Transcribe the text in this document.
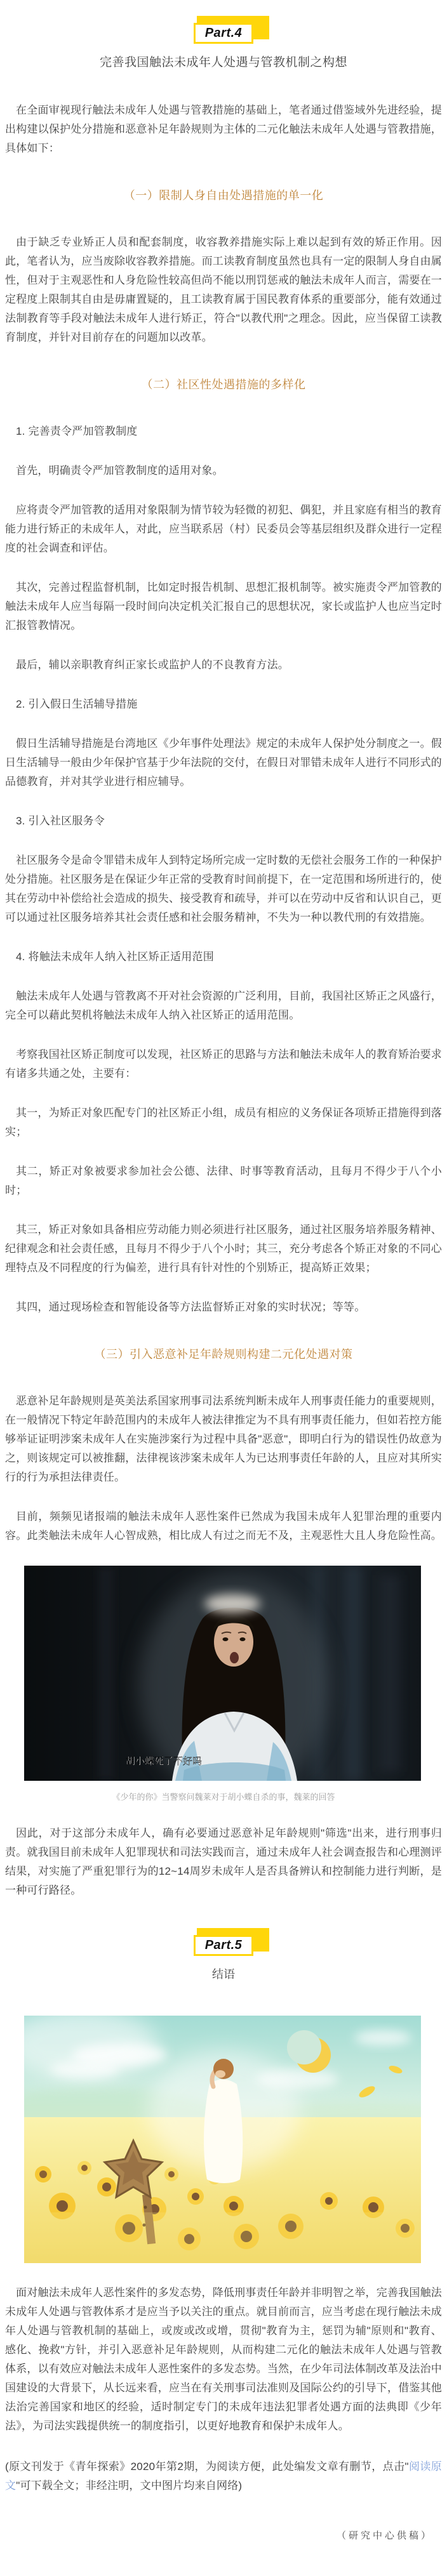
Part.4
完善我国触法未成年人处遇与管教机制之构想

在全面审视现行触法未成年人处遇与管教措施的基础上，笔者通过借鉴域外先进经验，提出构建以保护处分措施和恶意补足年龄规则为主体的二元化触法未成年人处遇与管教措施，具体如下：

（一）限制人身自由处遇措施的单一化

由于缺乏专业矫正人员和配套制度，收容教养措施实际上难以起到有效的矫正作用。因此，笔者认为，应当废除收容教养措施。而工读教育制度虽然也具有一定的限制人身自由属性，但对于主观恶性和人身危险性较高但尚不能以刑罚惩戒的触法未成年人而言，需要在一定程度上限制其自由是毋庸置疑的，且工读教育属于国民教育体系的重要部分，能有效通过法制教育等手段对触法未成年人进行矫正，符合"以教代刑"之理念。因此，应当保留工读教育制度，并针对目前存在的问题加以改革。

（二）社区性处遇措施的多样化

1. 完善责令严加管教制度

首先，明确责令严加管教制度的适用对象。

应将责令严加管教的适用对象限制为情节较为轻微的初犯、偶犯，并且家庭有相当的教育能力进行矫正的未成年人，对此，应当联系居（村）民委员会等基层组织及群众进行一定程度的社会调查和评估。

其次，完善过程监督机制，比如定时报告机制、思想汇报机制等。被实施责令严加管教的触法未成年人应当每隔一段时间向决定机关汇报自己的思想状况，家长或监护人也应当定时汇报管教情况。

最后，辅以亲职教育纠正家长或监护人的不良教育方法。

2. 引入假日生活辅导措施

假日生活辅导措施是台湾地区《少年事件处理法》规定的未成年人保护处分制度之一。假日生活辅导一般由少年保护官基于少年法院的交付，在假日对罪错未成年人进行不同形式的品德教育，并对其学业进行相应辅导。

3. 引入社区服务令

社区服务令是命令罪错未成年人到特定场所完成一定时数的无偿社会服务工作的一种保护处分措施。社区服务是在保证少年正常的受教育时间前提下，在一定范围和场所进行的，使其在劳动中补偿给社会造成的损失、接受教育和疏导，并可以在劳动中反省和认识自己，更可以通过社区服务培养其社会责任感和社会服务精神，不失为一种以教代刑的有效措施。

4. 将触法未成年人纳入社区矫正适用范围

触法未成年人处遇与管教离不开对社会资源的广泛利用，目前，我国社区矫正之风盛行，完全可以藉此契机将触法未成年人纳入社区矫正的适用范围。

考察我国社区矫正制度可以发现，社区矫正的思路与方法和触法未成年人的教育矫治要求有诸多共通之处，主要有：

其一，为矫正对象匹配专门的社区矫正小组，成员有相应的义务保证各项矫正措施得到落实；

其二，矫正对象被要求参加社会公德、法律、时事等教育活动，且每月不得少于八个小时；

其三，矫正对象如具备相应劳动能力则必须进行社区服务，通过社区服务培养服务精神、纪律观念和社会责任感，且每月不得少于八个小时；其三，充分考虑各个矫正对象的不同心理特点及不同程度的行为偏差，进行具有针对性的个别矫正，提高矫正效果；

其四，通过现场检查和智能设备等方法监督矫正对象的实时状况；等等。

（三）引入恶意补足年龄规则构建二元化处遇对策

恶意补足年龄规则是英美法系国家刑事司法系统判断未成年人刑事责任能力的重要规则，在一般情况下特定年龄范围内的未成年人被法律推定为不具有刑事责任能力，但如若控方能够举证证明涉案未成年人在实施涉案行为过程中具备"恶意"，即明白行为的错误性仍故意为之，则该规定可以被推翻，法律视该涉案未成年人为已达刑事责任年龄的人，且应对其所实行的行为承担法律责任。

目前，频频见诸报端的触法未成年人恶性案件已然成为我国未成年人犯罪治理的重要内容。此类触法未成年人心智成熟，相比成人有过之而无不及，主观恶性大且人身危险性高。

胡小蝶死了不好吗
《少年的你》当警察问魏莱对于胡小蝶自杀的事，魏莱的回答

因此，对于这部分未成年人，确有必要通过恶意补足年龄规则"筛选"出来，进行刑事归责。就我国目前未成年人犯罪现状和司法实践而言，通过未成年人社会调查报告和心理测评结果，对实施了严重犯罪行为的12~14周岁未成年人是否具备辨认和控制能力进行判断，是一种可行路径。

Part.5
结语

面对触法未成年人恶性案件的多发态势，降低刑事责任年龄并非明智之举，完善我国触法未成年人处遇与管教体系才是应当予以关注的重点。就目前而言，应当考虑在现行触法未成年人处遇与管教机制的基础上，或废或改或增，贯彻"教育为主，惩罚为辅"原则和"教育、感化、挽救"方针，并引入恶意补足年龄规则，从而构建二元化的触法未成年人处遇与管教体系，以有效应对触法未成年人恶性案件的多发态势。当然，在少年司法体制改革及法治中国建设的大背景下，从长远来看，应当在有关刑事司法准则及国际公约的引导下，借鉴其他法治完善国家和地区的经验，适时制定专门的未成年违法犯罪者处遇方面的法典即《少年法》，为司法实践提供统一的制度指引，以更好地教育和保护未成年人。

(原文刊发于《青年探索》2020年第2期，为阅读方便，此处编发文章有删节，点击"阅读原文"可下载全文；非经注明，文中图片均来自网络)

（研究中心供稿）
